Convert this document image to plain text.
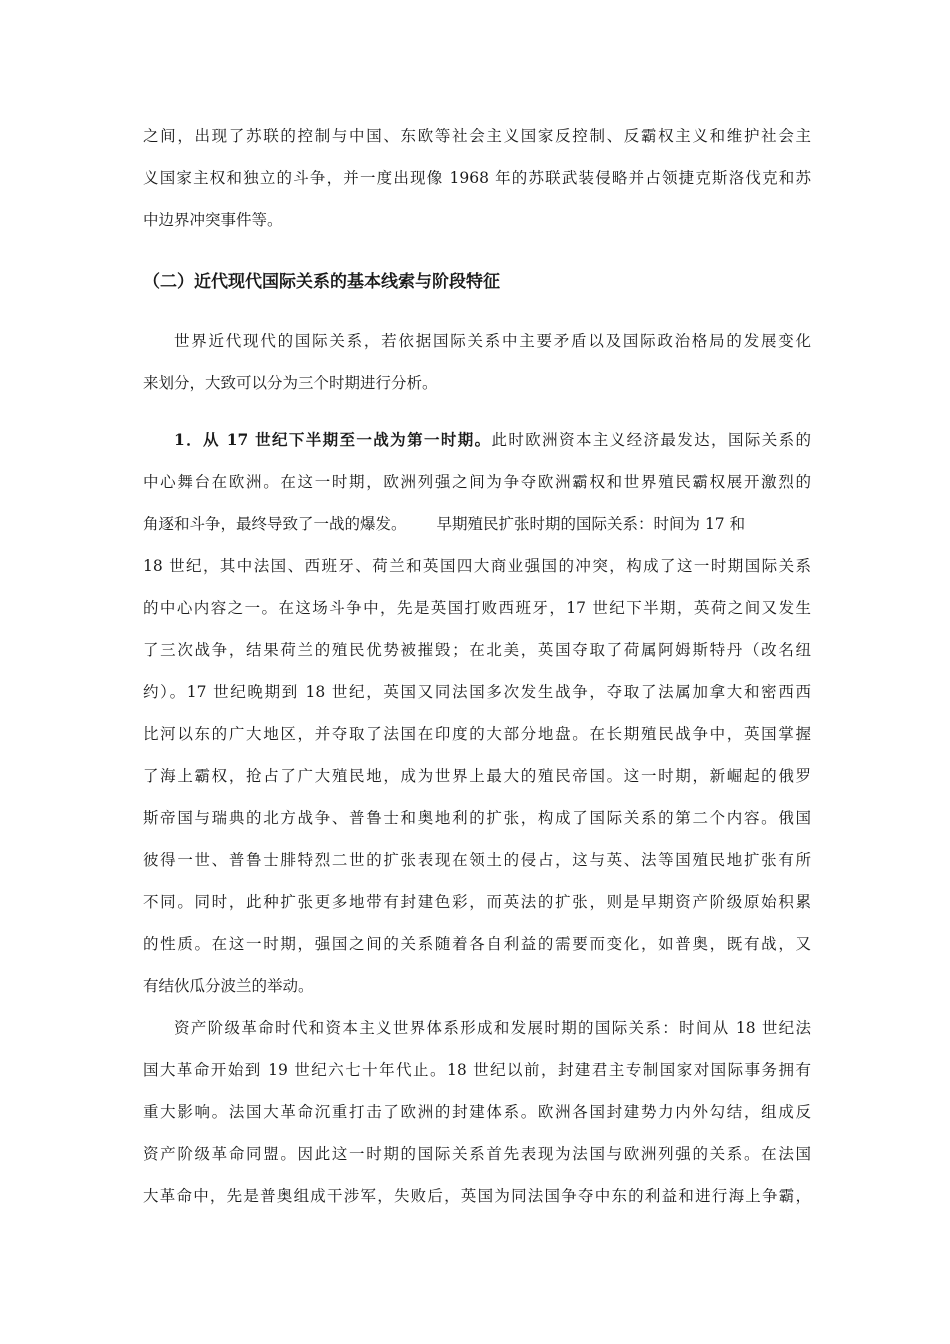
之间，出现了苏联的控制与中国、东欧等社会主义国家反控制、反霸权主义和维护社会主
义国家主权和独立的斗争，并一度出现像 1968 年的苏联武装侵略并占领捷克斯洛伐克和苏
中边界冲突事件等。
（二）近代现代国际关系的基本线索与阶段特征
世界近代现代的国际关系，若依据国际关系中主要矛盾以及国际政治格局的发展变化
来划分，大致可以分为三个时期进行分析。
1．从 17 世纪下半期至一战为第一时期。此时欧洲资本主义经济最发达，国际关系的
中心舞台在欧洲。在这一时期，欧洲列强之间为争夺欧洲霸权和世界殖民霸权展开激烈的
角逐和斗争，最终导致了一战的爆发。 早期殖民扩张时期的国际关系：时间为 17 和
18 世纪，其中法国、西班牙、荷兰和英国四大商业强国的冲突，构成了这一时期国际关系
的中心内容之一。在这场斗争中，先是英国打败西班牙，17 世纪下半期，英荷之间又发生
了三次战争，结果荷兰的殖民优势被摧毁；在北美，英国夺取了荷属阿姆斯特丹（改名纽
约）。17 世纪晚期到 18 世纪，英国又同法国多次发生战争，夺取了法属加拿大和密西西
比河以东的广大地区，并夺取了法国在印度的大部分地盘。在长期殖民战争中，英国掌握
了海上霸权，抢占了广大殖民地，成为世界上最大的殖民帝国。这一时期，新崛起的俄罗
斯帝国与瑞典的北方战争、普鲁士和奥地利的扩张，构成了国际关系的第二个内容。俄国
彼得一世、普鲁士腓特烈二世的扩张表现在领土的侵占，这与英、法等国殖民地扩张有所
不同。同时，此种扩张更多地带有封建色彩，而英法的扩张，则是早期资产阶级原始积累
的性质。在这一时期，强国之间的关系随着各自利益的需要而变化，如普奥，既有战，又
有结伙瓜分波兰的举动。
资产阶级革命时代和资本主义世界体系形成和发展时期的国际关系：时间从 18 世纪法
国大革命开始到 19 世纪六七十年代止。18 世纪以前，封建君主专制国家对国际事务拥有
重大影响。法国大革命沉重打击了欧洲的封建体系。欧洲各国封建势力内外勾结，组成反
资产阶级革命同盟。因此这一时期的国际关系首先表现为法国与欧洲列强的关系。在法国
大革命中，先是普奥组成干涉军，失败后，英国为同法国争夺中东的利益和进行海上争霸，
